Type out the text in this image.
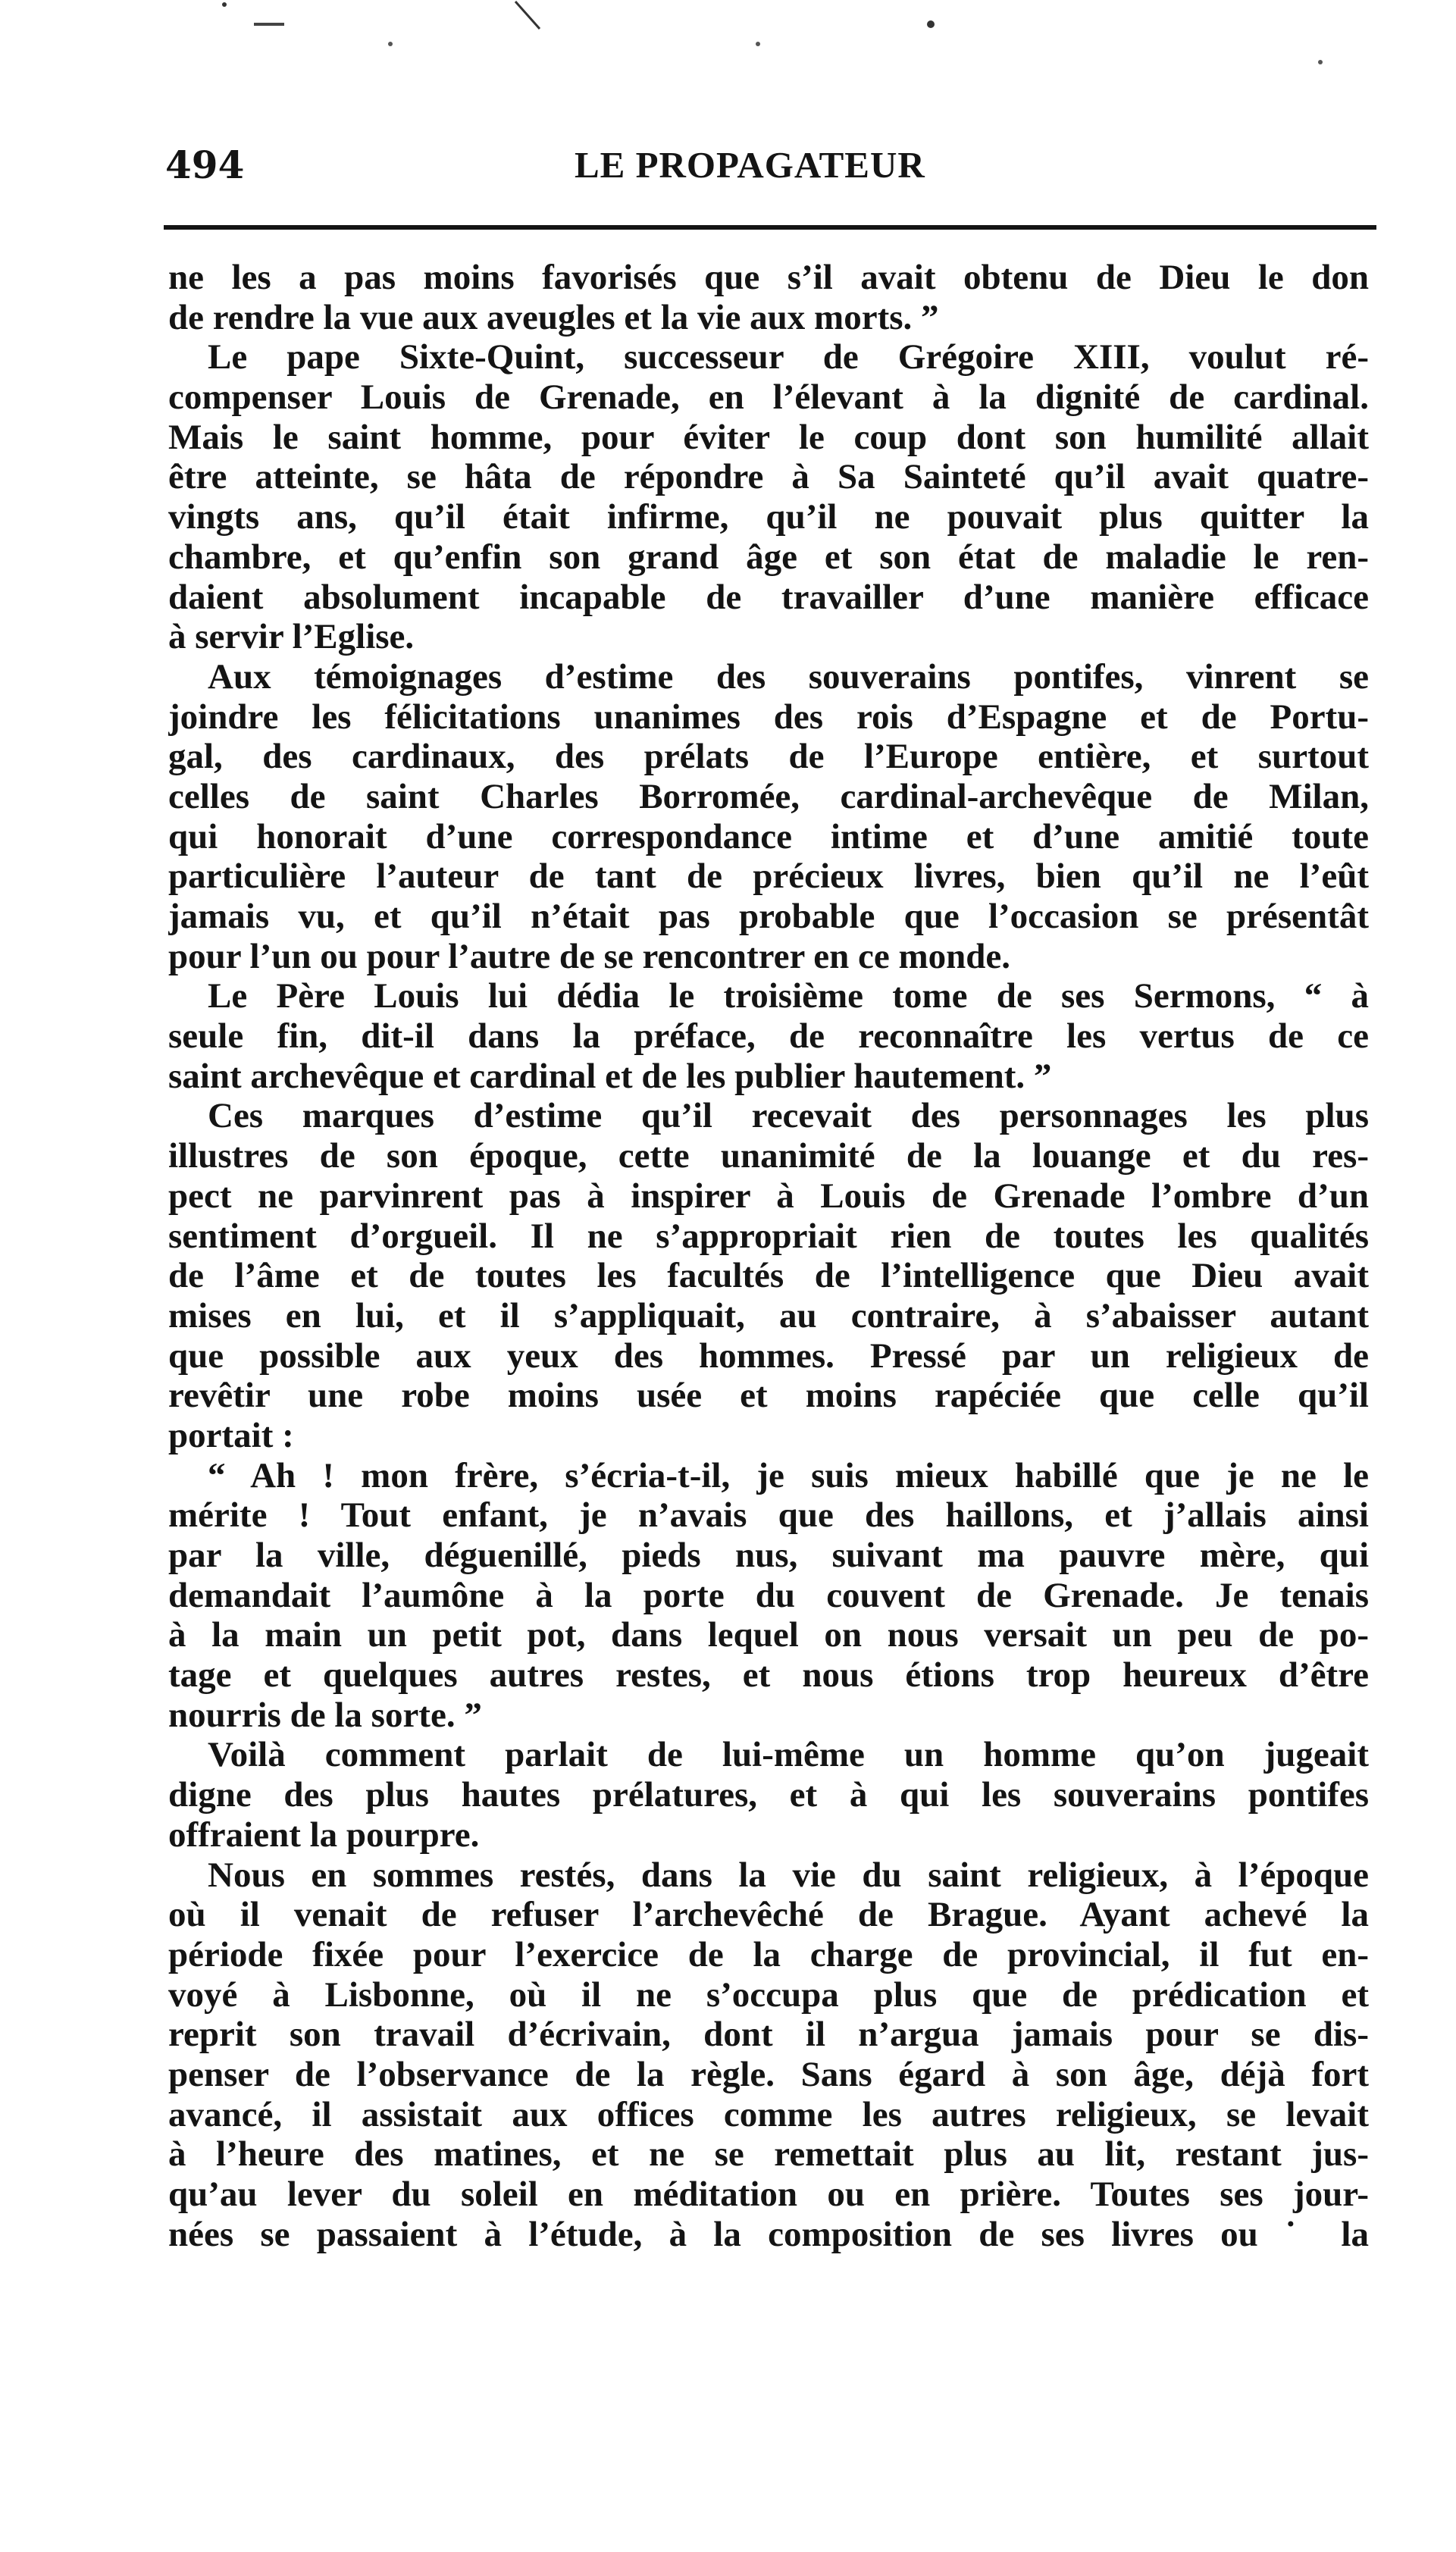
494	LE PROPAGATEUR
ne les a pas moins favorisés que s’il avait obtenu de Dieu le don
de rendre la vue aux aveugles et la vie aux morts. ”
Le pape Sixte-Quint, successeur de Grégoire XIII, voulut ré-
compenser Louis de Grenade, en l’élevant à la dignité de cardinal.
Mais le saint homme, pour éviter le coup dont son humilité allait
être atteinte, se hâta de répondre à Sa Sainteté qu’il avait quatre-
vingts ans, qu’il était infirme, qu’il ne pouvait plus quitter la
chambre, et qu’enfin son grand âge et son état de maladie le ren-
daient absolument incapable de travailler d’une manière efficace
à servir l’Eglise.
Aux témoignages d’estime des souverains pontifes, vinrent se
joindre les félicitations unanimes des rois d’Espagne et de Portu-
gal, des cardinaux, des prélats de l’Europe entière, et surtout
celles de saint Charles Borromée, cardinal-archevêque de Milan,
qui honorait d’une correspondance intime et d’une amitié toute
particulière l’auteur de tant de précieux livres, bien qu’il ne l’eût
jamais vu, et qu’il n’était pas probable que l’occasion se présentât
pour l’un ou pour l’autre de se rencontrer en ce monde.
Le Père Louis lui dédia le troisième tome de ses Sermons, “ à
seule fin, dit-il dans la préface, de reconnaître les vertus de ce
saint archevêque et cardinal et de les publier hautement. ”
Ces marques d’estime qu’il recevait des personnages les plus
illustres de son époque, cette unanimité de la louange et du res-
pect ne parvinrent pas à inspirer à Louis de Grenade l’ombre d’un
sentiment d’orgueil. Il ne s’appropriait rien de toutes les qualités
de l’âme et de toutes les facultés de l’intelligence que Dieu avait
mises en lui, et il s’appliquait, au contraire, à s’abaisser autant
que possible aux yeux des hommes. Pressé par un religieux de
revêtir une robe moins usée et moins rapéciée que celle qu’il
portait :
“ Ah ! mon frère, s’écria-t-il, je suis mieux habillé que je ne le
mérite ! Tout enfant, je n’avais que des haillons, et j’allais ainsi
par la ville, déguenillé, pieds nus, suivant ma pauvre mère, qui
demandait l’aumône à la porte du couvent de Grenade. Je tenais
à la main un petit pot, dans lequel on nous versait un peu de po-
tage et quelques autres restes, et nous étions trop heureux d’être
nourris de la sorte. ”
Voilà comment parlait de lui-même un homme qu’on jugeait
digne des plus hautes prélatures, et à qui les souverains pontifes
offraient la pourpre.
Nous en sommes restés, dans la vie du saint religieux, à l’époque
où il venait de refuser l’archevêché de Brague. Ayant achevé la
période fixée pour l’exercice de la charge de provincial, il fut en-
voyé à Lisbonne, où il ne s’occupa plus que de prédication et
reprit son travail d’écrivain, dont il n’argua jamais pour se dis-
penser de l’observance de la règle. Sans égard à son âge, déjà fort
avancé, il assistait aux offices comme les autres religieux, se levait
à l’heure des matines, et ne se remettait plus au lit, restant jus-
qu’au lever du soleil en méditation ou en prière. Toutes ses jour-
nées se passaient à l’étude, à la composition de ses livres ou ˙ la
